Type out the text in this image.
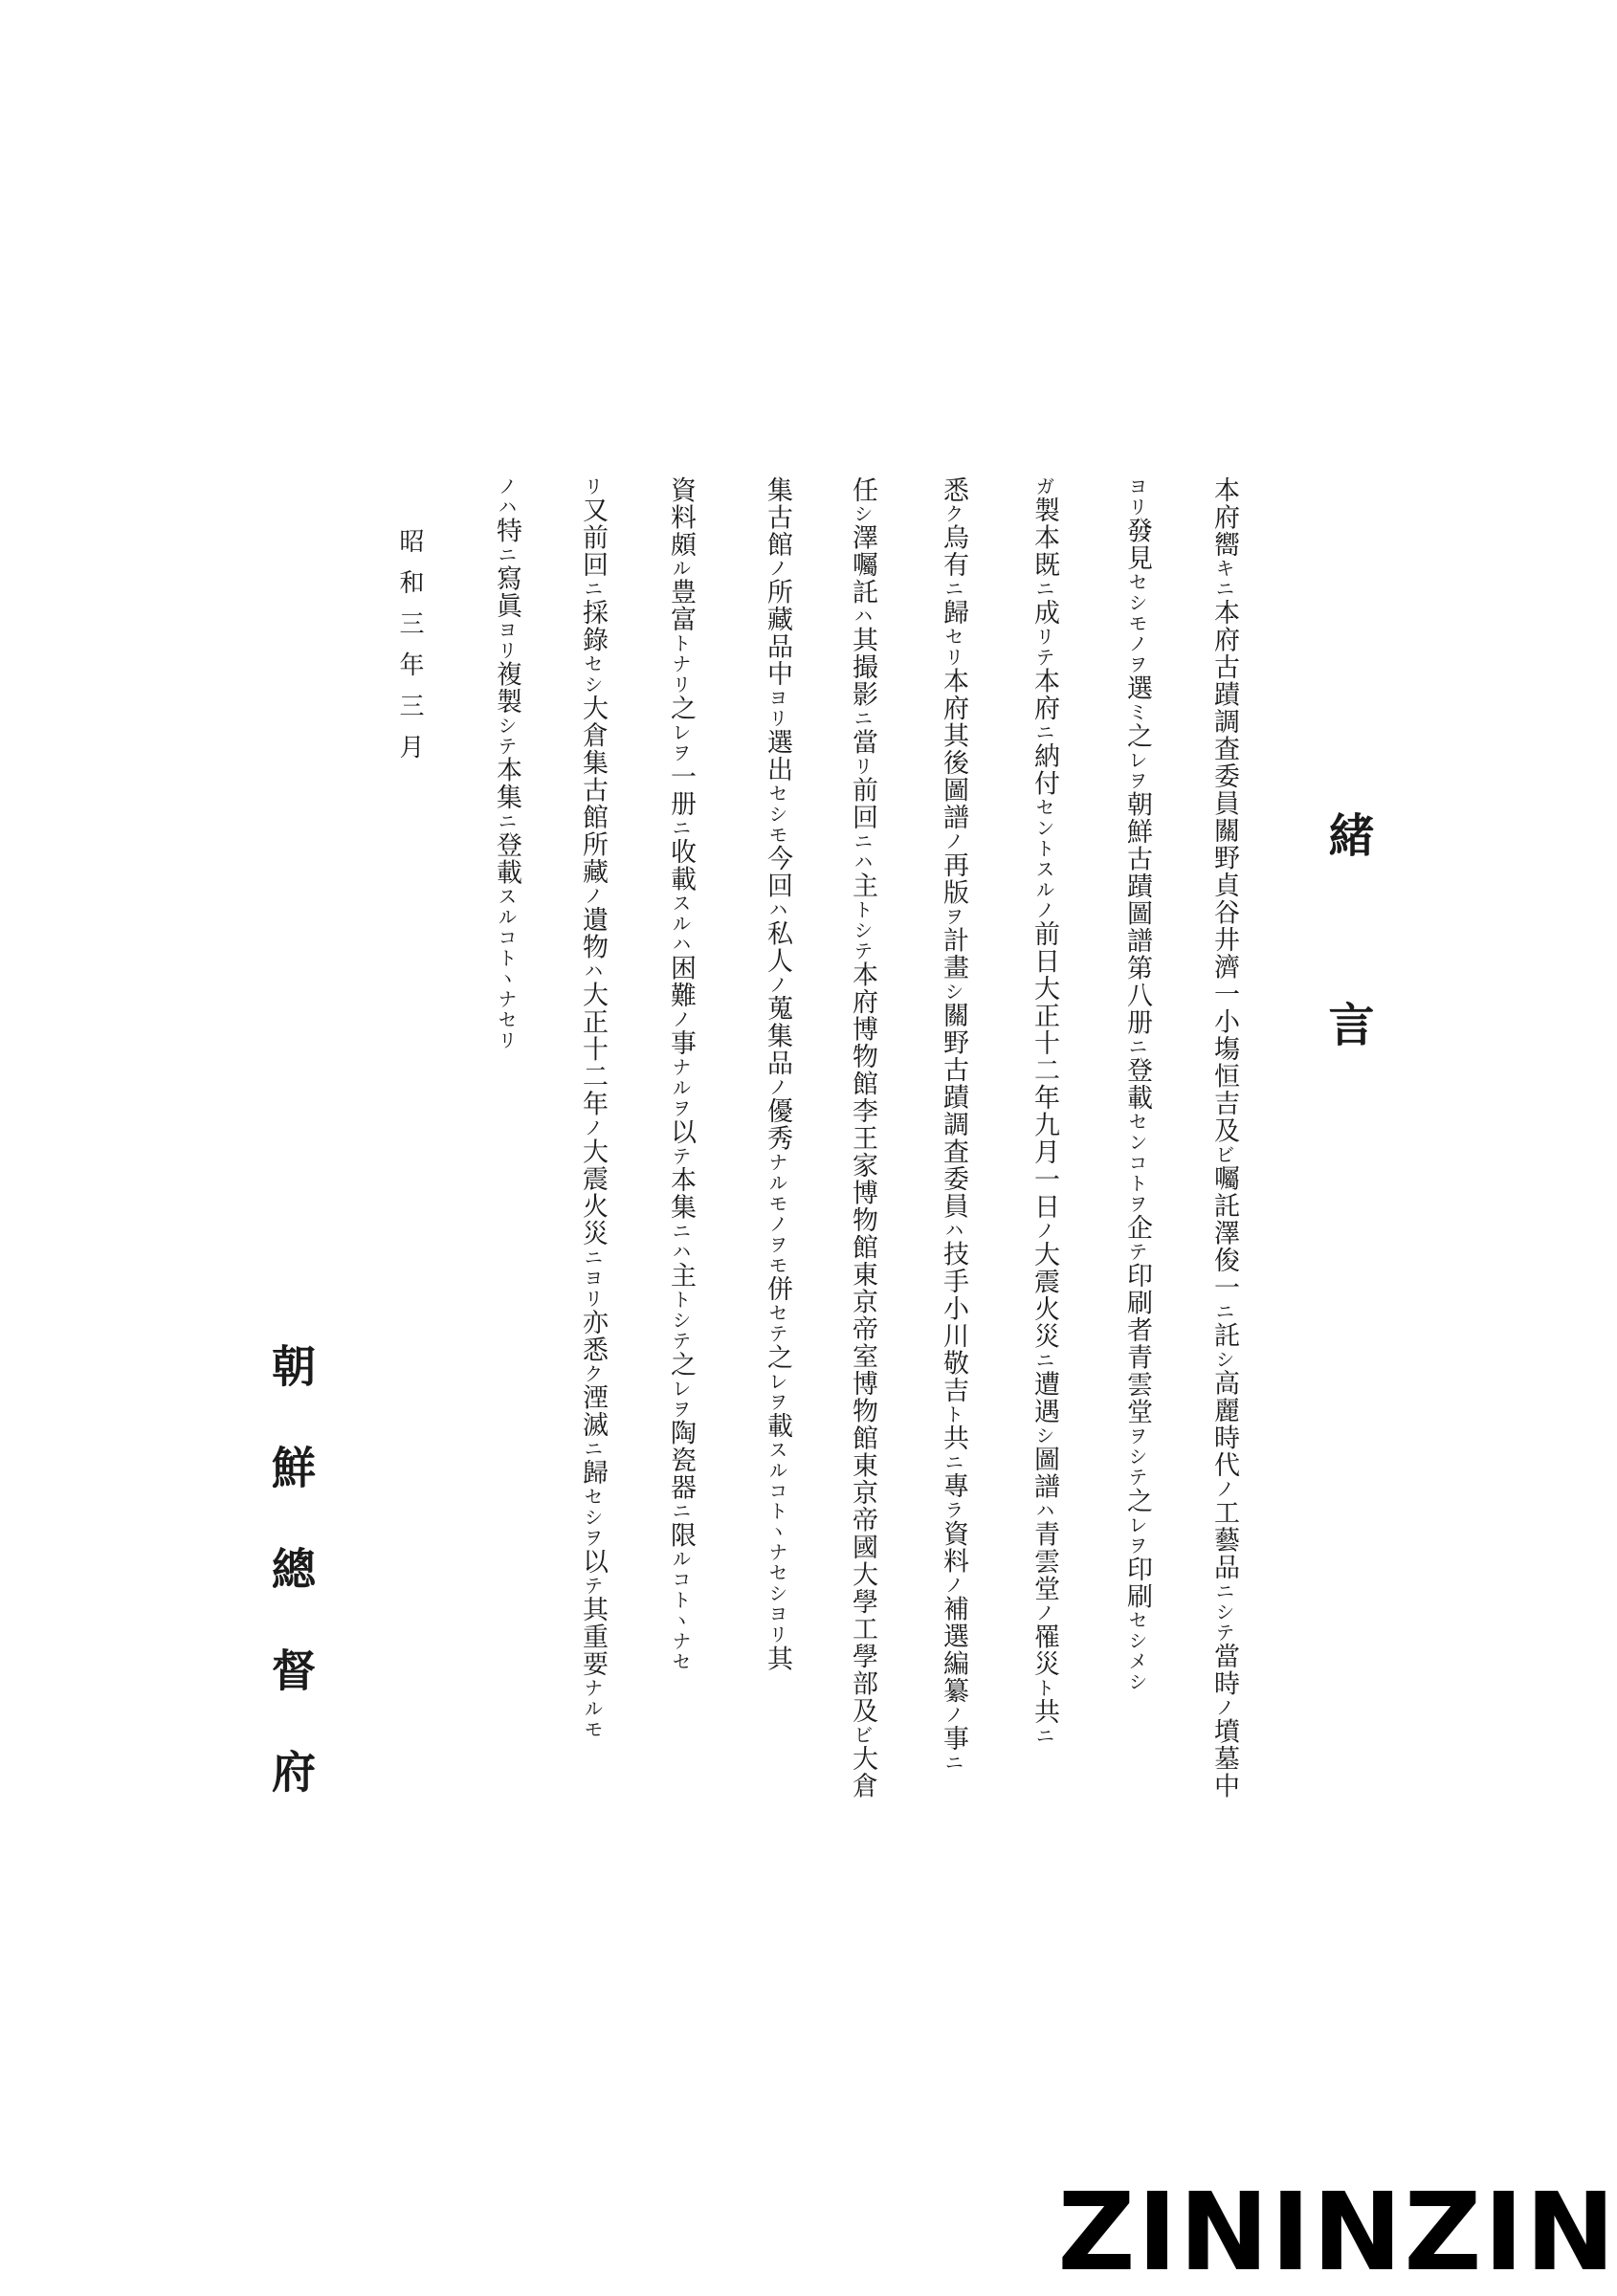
緒言
本府嚮キニ本府古蹟調査委員關野貞谷井濟一小塲恒吉及ビ囑託澤俊一ニ託シ高麗時代ノ工藝品ニシテ當時ノ墳墓中
ヨリ發見セシモノヲ選ミ之レヲ朝鮮古蹟圖譜第八册ニ登載センコトヲ企テ印刷者青雲堂ヲシテ之レヲ印刷セシメシ
ガ製本既ニ成リテ本府ニ納付セントスルノ前日大正十二年九月一日ノ大震火災ニ遭遇シ圖譜ハ青雲堂ノ罹災ト共ニ
悉ク烏有ニ歸セリ本府其後圖譜ノ再版ヲ計畫シ關野古蹟調査委員ハ技手小川敬吉ト共ニ專ラ資料ノ補選編纂ノ事ニ
任シ澤囑託ハ其撮影ニ當リ前回ニハ主トシテ本府博物館李王家博物館東京帝室博物館東京帝國大學工學部及ビ大倉
集古館ノ所藏品中ヨリ選出セシモ今回ハ私人ノ蒐集品ノ優秀ナルモノヲモ併セテ之レヲ載スルコトヽナセシヨリ其
資料頗ル豊富トナリ之レヲ一册ニ收載スルハ困難ノ事ナルヲ以テ本集ニハ主トシテ之レヲ陶瓷器ニ限ルコトヽナセ
リ又前回ニ採錄セシ大倉集古館所藏ノ遺物ハ大正十二年ノ大震火災ニヨリ亦悉ク湮滅ニ歸セシヲ以テ其重要ナルモ
ノハ特ニ寫眞ヨリ複製シテ本集ニ登載スルコトヽナセリ
昭和三年三月
朝鮮總督府
ZININZIN
